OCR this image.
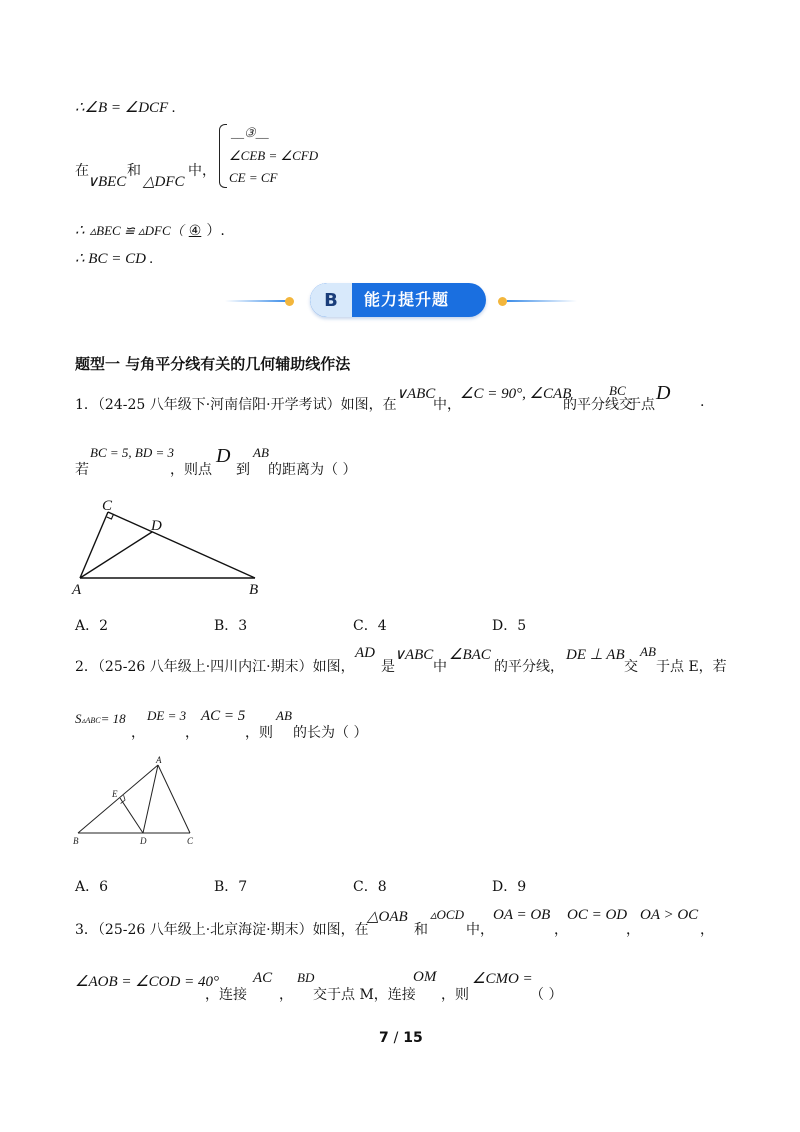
∴∠B = ∠DCF .
在
∨BEC
和
△DFC
中，
__③__
∠CEB = ∠CFD
CE = CF
∴ ▵BEC ≌ ▵DFC（ ④ ）.
∴ BC = CD .
B	能力提升题
题型一 与角平分线有关的几何辅助线作法
1．（24-25 八年级下·河南信阳·开学考试）如图，在
∨ABC
中，
∠C = 90°, ∠CAB
的平分线交
BC
于点
D .
若
BC = 5, BD = 3
，则点
D
到
AB
的距离为（ ）
C
D
A	B
A．2	B．3	C．4	D．5
2．（25-26 八年级上·四川内江·期末）如图，
AD
是
∨ABC
中
∠BAC
的平分线，
DE ⊥ AB
交
AB
于点 E，若
S▵ABC= 18
，
DE = 3
，
AC = 5
，则
AB
的长为（ ）
A
E
B	D	C
A．6	B．7	C．8	D．9
3．（25-26 八年级上·北京海淀·期末）如图，在
△OAB
和
▵OCD
中，
OA = OB
，
OC = OD
，
OA > OC
，
∠AOB = ∠COD = 40°
，连接
AC
，
BD
交于点 M，连接
OM
，则
∠CMO =
（ ）
7 / 15
